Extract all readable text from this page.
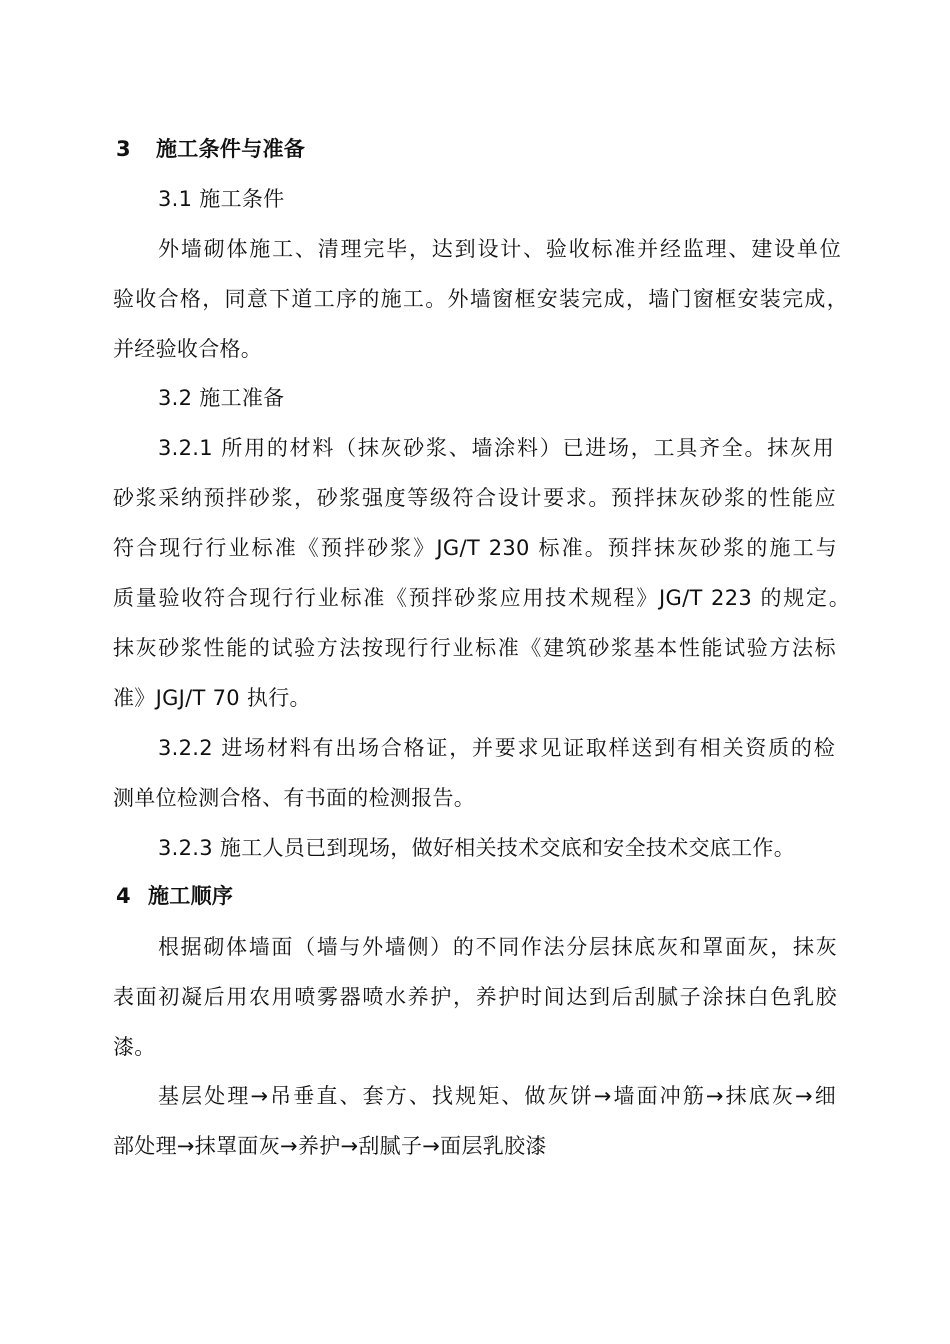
3 施工条件与准备
3.1 施工条件
外墙砌体施工、清理完毕，达到设计、验收标准并经监理、建设单位
验收合格，同意下道工序的施工。外墙窗框安装完成，墙门窗框安装完成，
并经验收合格。
3.2 施工准备
3.2.1 所用的材料（抹灰砂浆、墙涂料）已进场，工具齐全。抹灰用
砂浆采纳预拌砂浆，砂浆强度等级符合设计要求。预拌抹灰砂浆的性能应
符合现行行业标准《预拌砂浆》JG/T 230 标准。预拌抹灰砂浆的施工与
质量验收符合现行行业标准《预拌砂浆应用技术规程》JG/T 223 的规定。
抹灰砂浆性能的试验方法按现行行业标准《建筑砂浆基本性能试验方法标
准》JGJ/T 70 执行。
3.2.2 进场材料有出场合格证，并要求见证取样送到有相关资质的检
测单位检测合格、有书面的检测报告。
3.2.3 施工人员已到现场，做好相关技术交底和安全技术交底工作。
4 施工顺序
根据砌体墙面（墙与外墙侧）的不同作法分层抹底灰和罩面灰，抹灰
表面初凝后用农用喷雾器喷水养护，养护时间达到后刮腻子涂抹白色乳胶
漆。
基层处理→吊垂直、套方、找规矩、做灰饼→墙面冲筋→抹底灰→细
部处理→抹罩面灰→养护→刮腻子→面层乳胶漆
